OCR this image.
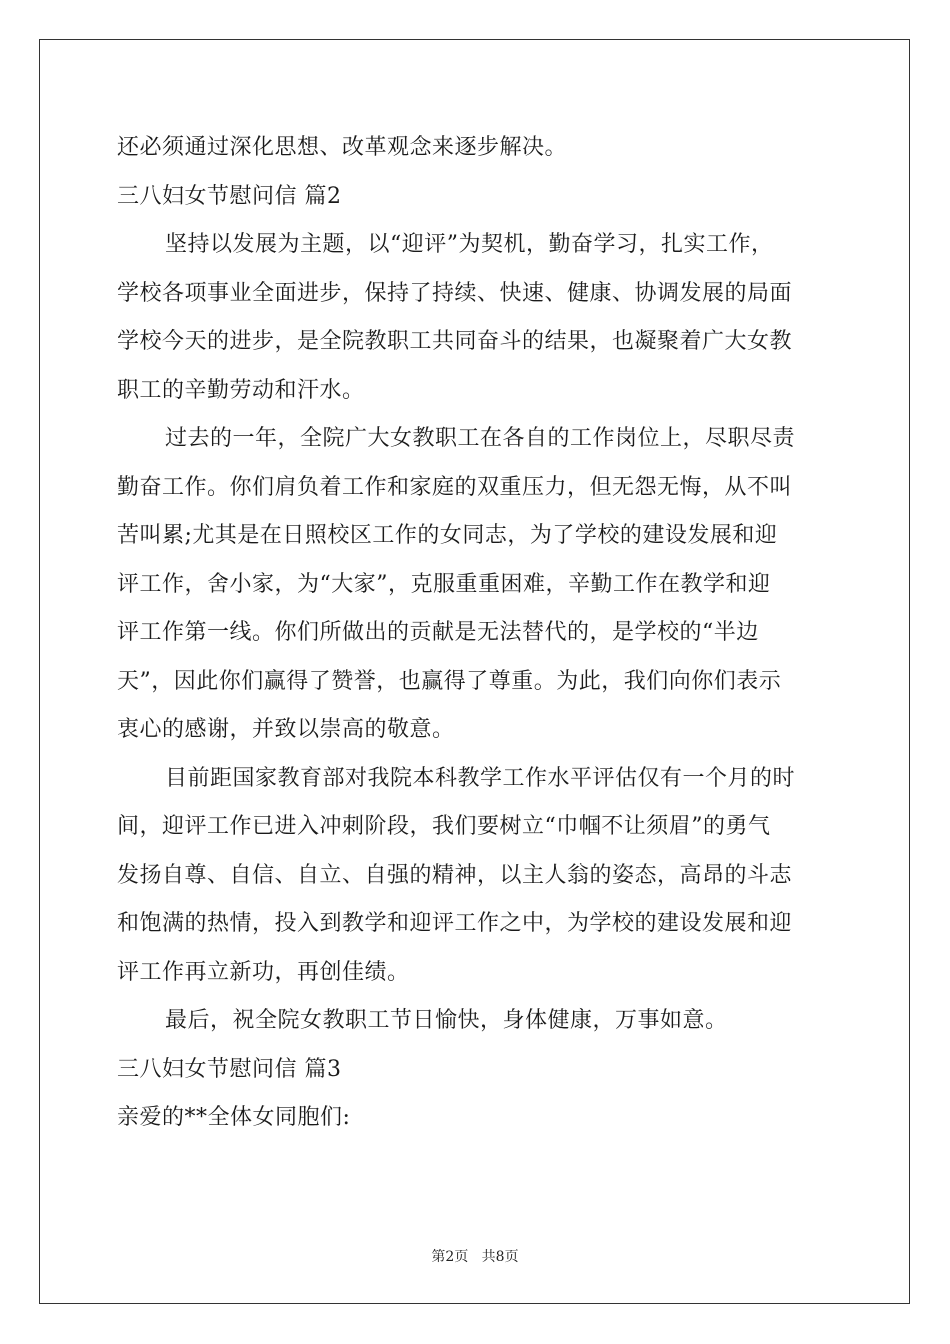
还必须通过深化思想、改革观念来逐步解决。
三八妇女节慰问信 篇2
坚持以发展为主题，以“迎评”为契机，勤奋学习，扎实工作，
学校各项事业全面进步，保持了持续、快速、健康、协调发展的局面
学校今天的进步，是全院教职工共同奋斗的结果，也凝聚着广大女教
职工的辛勤劳动和汗水。
过去的一年，全院广大女教职工在各自的工作岗位上，尽职尽责
勤奋工作。你们肩负着工作和家庭的双重压力，但无怨无悔，从不叫
苦叫累;尤其是在日照校区工作的女同志，为了学校的建设发展和迎
评工作，舍小家，为“大家”，克服重重困难，辛勤工作在教学和迎
评工作第一线。你们所做出的贡献是无法替代的，是学校的“半边
天”，因此你们赢得了赞誉，也赢得了尊重。为此，我们向你们表示
衷心的感谢，并致以崇高的敬意。
目前距国家教育部对我院本科教学工作水平评估仅有一个月的时
间，迎评工作已进入冲刺阶段，我们要树立“巾帼不让须眉”的勇气
发扬自尊、自信、自立、自强的精神，以主人翁的姿态，高昂的斗志
和饱满的热情，投入到教学和迎评工作之中，为学校的建设发展和迎
评工作再立新功，再创佳绩。
最后，祝全院女教职工节日愉快，身体健康，万事如意。
三八妇女节慰问信 篇3
亲爱的**全体女同胞们:
第2页   共8页
